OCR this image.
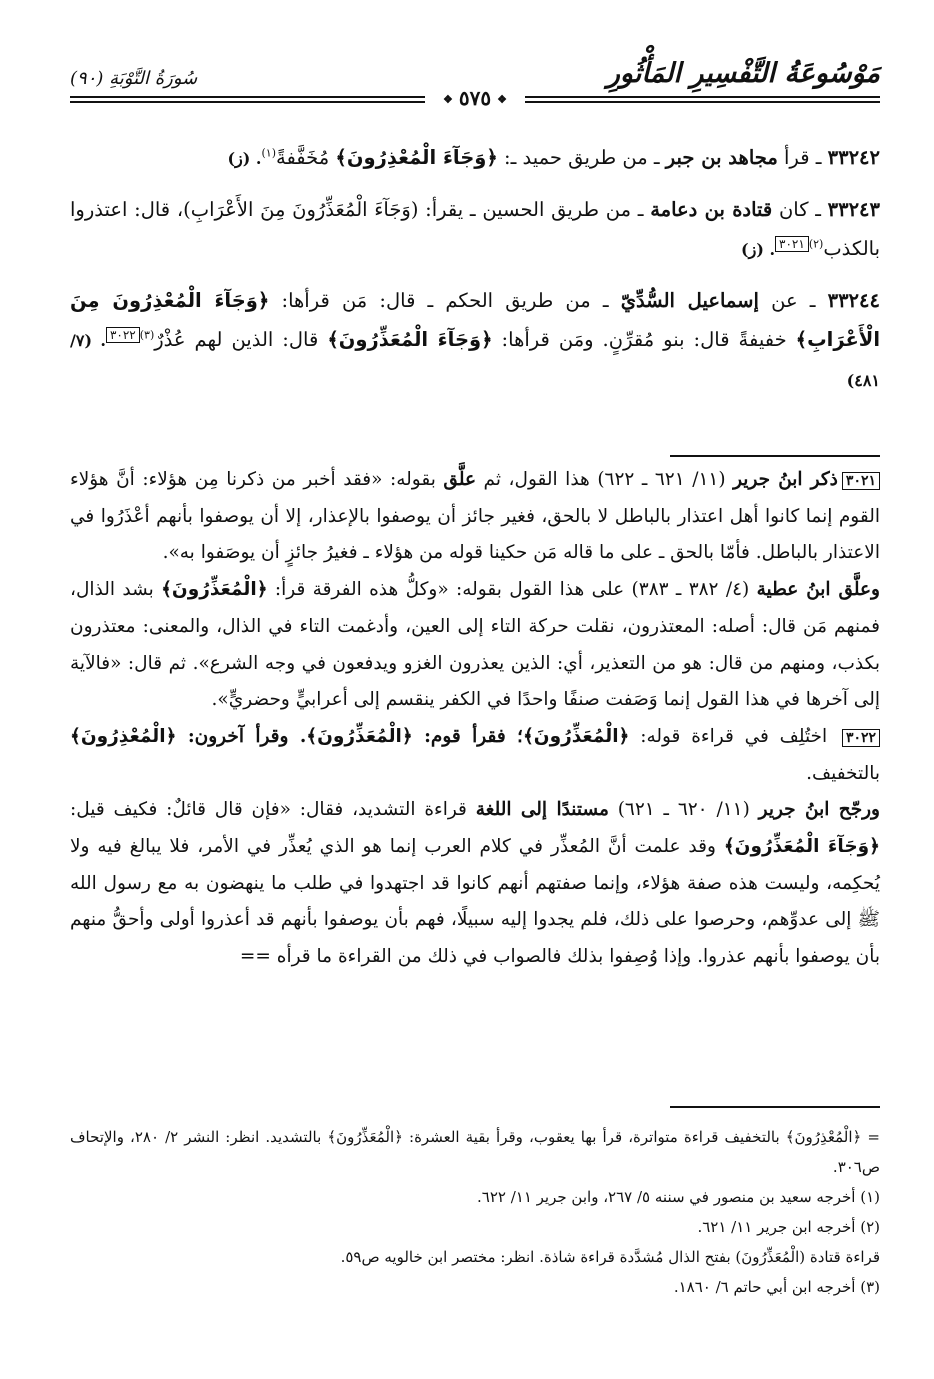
مَوْسُوعَةُ التَّفْسِيرِ المَأْثُورِ
سُورَةُ التَّوْبَةِ (٩٠)
❖٥٧٥❖

٣٣٢٤٢ ـ قرأ مجاهد بن جبر ـ من طريق حميد ـ: ﴿وَجَآءَ الْمُعْذِرُونَ﴾ مُخَفَّفةً$^{(١)}$. (ز)

٣٣٢٤٣ ـ كان قتادة بن دعامة ـ من طريق الحسين ـ يقرأ: (وَجَآءَ الْمُعَذِّرُونَ مِنَ الأَعْرَابِ)، قال: اعتذروا بالكذب$^{(٢)}$٣٠٢١. (ز)

٣٣٢٤٤ ـ عن إسماعيل السُّدِّيّ ـ من طريق الحكم ـ قال: مَن قرأها: ﴿وَجَآءَ الْمُعْذِرُونَ مِنَ الْأَعْرَابِ﴾ خفيفةً قال: بنو مُقرِّنٍ. ومَن قرأها: ﴿وَجَآءَ الْمُعَذِّرُونَ﴾ قال: الذين لهم عُذْرٌ$^{(٣)}$٣٠٢٢. (٧/ ٤٨١)

٣٠٢١ذكر ابنُ جرير (١١/ ٦٢١ ـ ٦٢٢) هذا القول، ثم علَّق بقوله: «فقد أخبر من ذكرنا مِن هؤلاء: أنَّ هؤلاء القوم إنما كانوا أهل اعتذار بالباطل لا بالحق، فغير جائز أن يوصفوا بالإعذار، إلا أن يوصفوا بأنهم أعْذَرُوا في الاعتذار بالباطل. فأمّا بالحق ـ على ما قاله مَن حكينا قوله من هؤلاء ـ فغيرُ جائزٍ أن يوصَفوا به».

وعلَّق ابنُ عطية (٤/ ٣٨٢ ـ ٣٨٣) على هذا القول بقوله: «وكلُّ هذه الفرقة قرأ: ﴿الْمُعَذِّرُونَ﴾ بشد الذال، فمنهم مَن قال: أصله: المعتذرون، نقلت حركة التاء إلى العين، وأدغمت التاء في الذال، والمعنى: معتذرون بكذب، ومنهم من قال: هو من التعذير، أي: الذين يعذرون الغزو ويدفعون في وجه الشرع». ثم قال: «فالآية إلى آخرها في هذا القول إنما وَصَفت صنفًا واحدًا في الكفر ينقسم إلى أعرابيٍّ وحضريٍّ».

٣٠٢٢ اختُلِف في قراءة قوله: ﴿الْمُعَذِّرُونَ﴾؛ فقرأ قوم: ﴿الْمُعَذِّرُونَ﴾. وقرأ آخرون: ﴿الْمُعْذِرُونَ﴾ بالتخفيف.

ورجّح ابنُ جرير (١١/ ٦٢٠ ـ ٦٢١) مستندًا إلى اللغة قراءة التشديد، فقال: «فإن قال قائلٌ: فكيف قيل: ﴿وَجَآءَ الْمُعَذِّرُونَ﴾ وقد علمت أنَّ المُعذِّر في كلام العرب إنما هو الذي يُعذِّر في الأمر، فلا يبالغ فيه ولا يُحكِمه، وليست هذه صفة هؤلاء، وإنما صفتهم أنهم كانوا قد اجتهدوا في طلب ما ينهضون به مع رسول الله ﷺ إلى عدوِّهم، وحرصوا على ذلك، فلم يجدوا إليه سبيلًا، فهم بأن يوصفوا بأنهم قد أعذروا أولى وأحقُّ منهم بأن يوصفوا بأنهم عذروا. وإذا وُصِفوا بذلك فالصواب في ذلك من القراءة ما قرأه ==

= ﴿الْمُعْذِرُونَ﴾ بالتخفيف قراءة متواترة، قرأ بها يعقوب، وقرأ بقية العشرة: ﴿الْمُعَذِّرُونَ﴾ بالتشديد. انظر: النشر ٢/ ٢٨٠، والإتحاف ص٣٠٦.

(١) أخرجه سعيد بن منصور في سننه ٥/ ٢٦٧، وابن جرير ١١/ ٦٢٢.

(٢) أخرجه ابن جرير ١١/ ٦٢١.

قراءة قتادة (الْمُعَذِّرُونَ) بفتح الذال مُشدَّدة قراءة شاذة. انظر: مختصر ابن خالويه ص٥٩.

(٣) أخرجه ابن أبي حاتم ٦/ ١٨٦٠.
